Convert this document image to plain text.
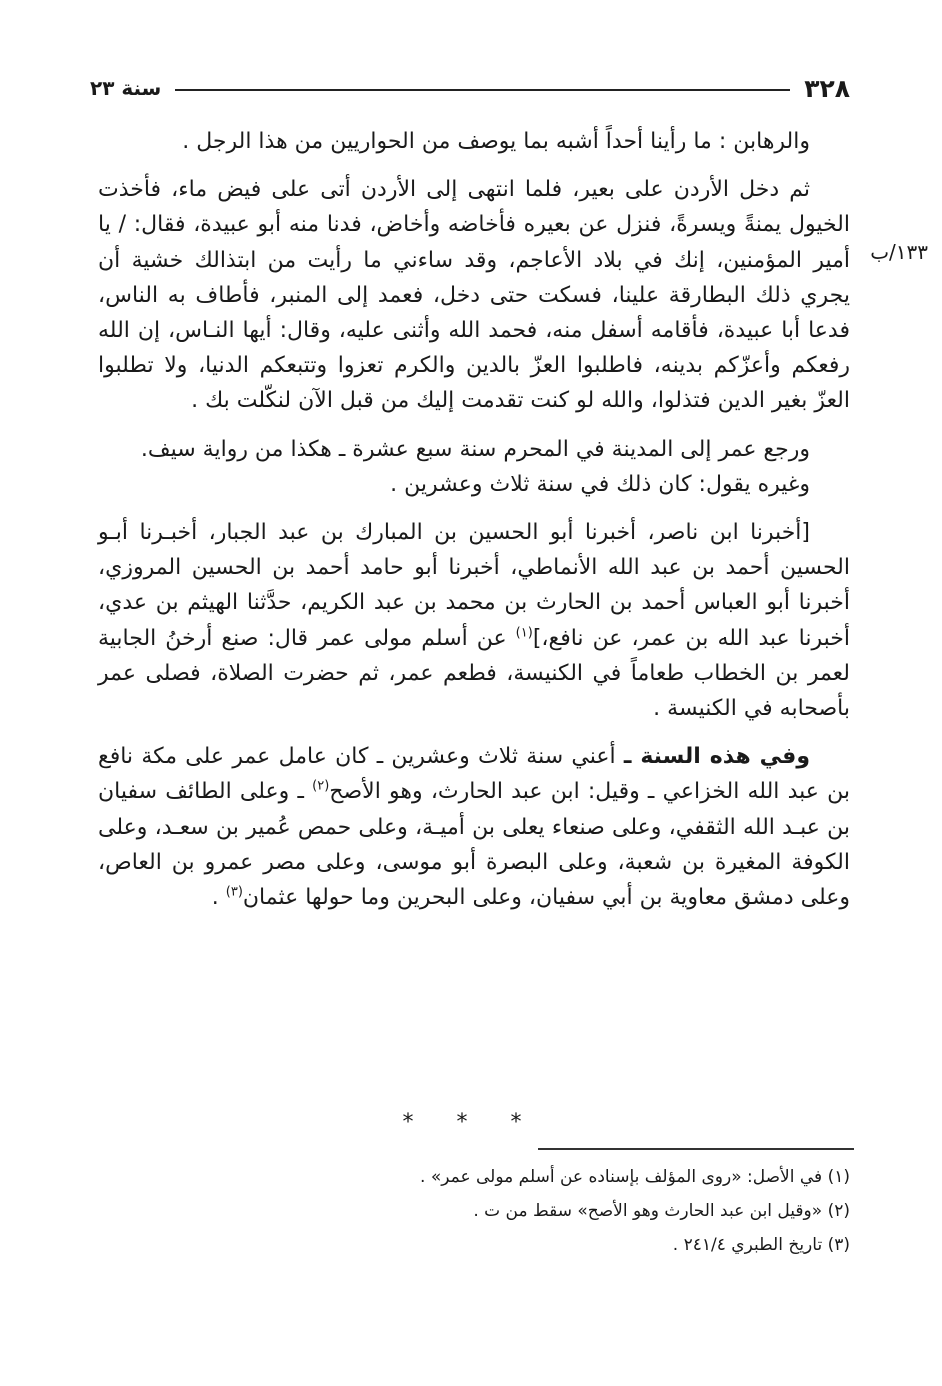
٣٢٨
سنة ٢٣
١٣٣/ب

والرهابن : ما رأينا أحداً أشبه بما يوصف من الحواريين من هذا الرجل .

ثم دخل الأردن على بعير، فلما انتهى إلى الأردن أتى على فيض ماء، فأخذت الخيول يمنةً ويسرةً، فنزل عن بعيره فأخاضه وأخاض، فدنا منه أبو عبيدة، فقال: / يا أمير المؤمنين، إنك في بلاد الأعاجم، وقد ساءني ما رأيت من ابتذالك خشية أن يجري ذلك البطارقة علينا، فسكت حتى دخل، فعمد إلى المنبر، فأطاف به الناس، فدعا أبا عبيدة، فأقامه أسفل منه، فحمد الله وأثنى عليه، وقال: أيها النـاس، إن الله رفعكم وأعزّكم بدينه، فاطلبوا العزّ بالدين والكرم تعزوا وتتبعكم الدنيا، ولا تطلبوا العزّ بغير الدين فتذلوا، والله لو كنت تقدمت إليك من قبل الآن لنكّلت بك .

ورجع عمر إلى المدينة في المحرم سنة سبع عشرة ـ هكذا من رواية سيف.

وغيره يقول: كان ذلك في سنة ثلاث وعشرين .

[أخبرنا ابن ناصر، أخبرنا أبو الحسين بن المبارك بن عبد الجبار، أخبـرنا أبـو الحسين أحمد بن عبد الله الأنماطي، أخبرنا أبو حامد أحمد بن الحسين المروزي، أخبرنا أبو العباس أحمد بن الحارث بن محمد بن عبد الكريم، حدَّثنا الهيثم بن عدي، أخبرنا عبد الله بن عمر، عن نافع،]$^{(١)}$ عن أسلم مولى عمر قال: صنع أرخنُ الجابية لعمر بن الخطاب طعاماً في الكنيسة، فطعم عمر، ثم حضرت الصلاة، فصلى عمر بأصحابه في الكنيسة .

وفي هذه السنة ـ أعني سنة ثلاث وعشرين ـ كان عامل عمر على مكة نافع بن عبد الله الخزاعي ـ وقيل: ابن عبد الحارث، وهو الأصح$^{(٢)}$ ـ وعلى الطائف سفيان بن عبـد الله الثقفي، وعلى صنعاء يعلى بن أميـة، وعلى حمص عُمير بن سعـد، وعلى الكوفة المغيرة بن شعبة، وعلى البصرة أبو موسى، وعلى مصر عمرو بن العاص، وعلى دمشق معاوية بن أبي سفيان، وعلى البحرين وما حولها عثمان$^{(٣)}$ .

* * *
(١) في الأصل: «روى المؤلف بإسناده عن أسلم مولى عمر» .
(٢) «وقيل ابن عبد الحارث وهو الأصح» سقط من ت .
(٣) تاريخ الطبري ٢٤١/٤ .
